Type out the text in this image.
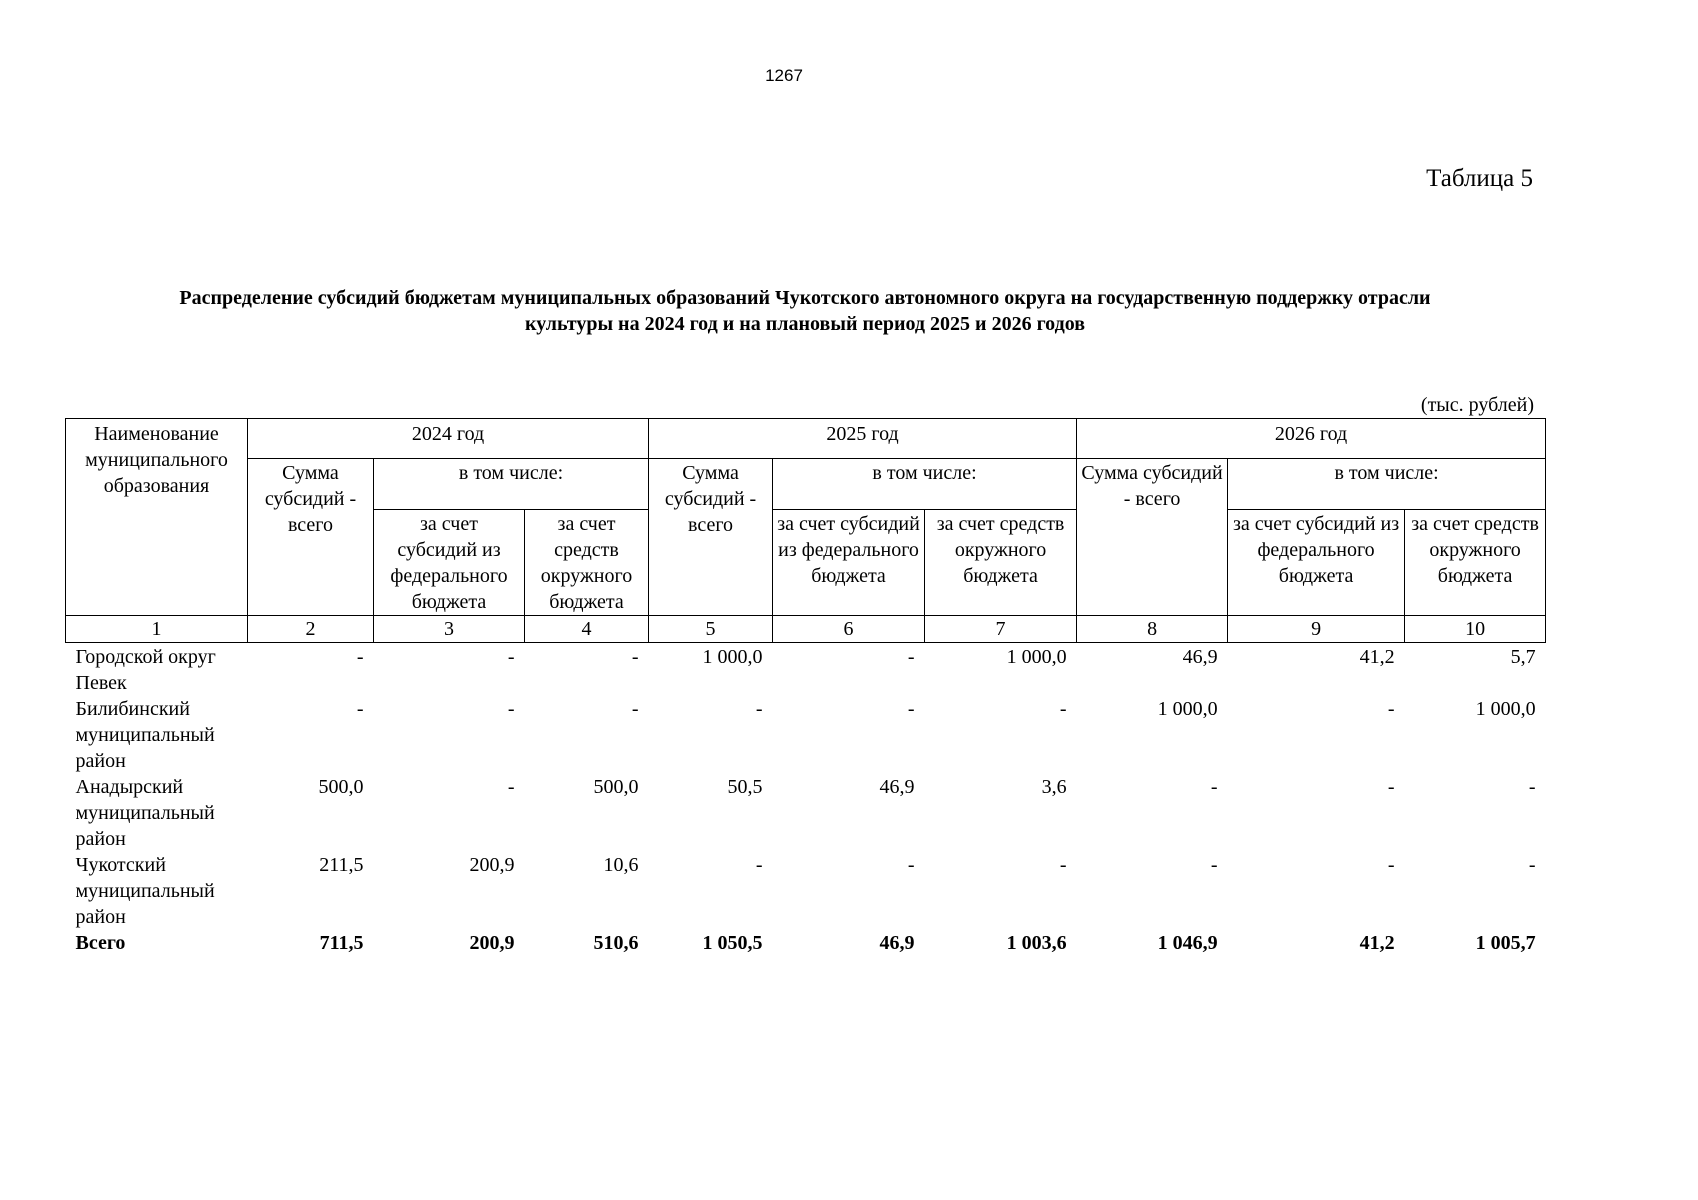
1267
Таблица 5
Распределение субсидий бюджетам муниципальных образований Чукотского автономного округа на государственную поддержку отрасли
культуры на 2024 год и на плановый период 2025 и 2026 годов
(тыс. рублей)
Наименование муниципального образования	2024 год			2025 год			2026 год		
	Сумма субсидий - всего	в том числе:		Сумма субсидий - всего	в том числе:		Сумма субсидий - всего	в том числе:	
		за счет субсидий из федерального бюджета	за счет средств окружного бюджета		за счет субсидий из федерального бюджета	за счет средств окружного бюджета		за счет субсидий из федерального бюджета	за счет средств окружного бюджета
1	2	3	4	5	6	7	8	9	10
Городской округ Певек	-	-	-	1 000,0	-	1 000,0	46,9	41,2	5,7
Билибинский муниципальный район	-	-	-	-	-	-	1 000,0	-	1 000,0
Анадырский муниципальный район	500,0	-	500,0	50,5	46,9	3,6	-	-	-
Чукотский муниципальный район	211,5	200,9	10,6	-	-	-	-	-	-
Всего	711,5	200,9	510,6	1 050,5	46,9	1 003,6	1 046,9	41,2	1 005,7
